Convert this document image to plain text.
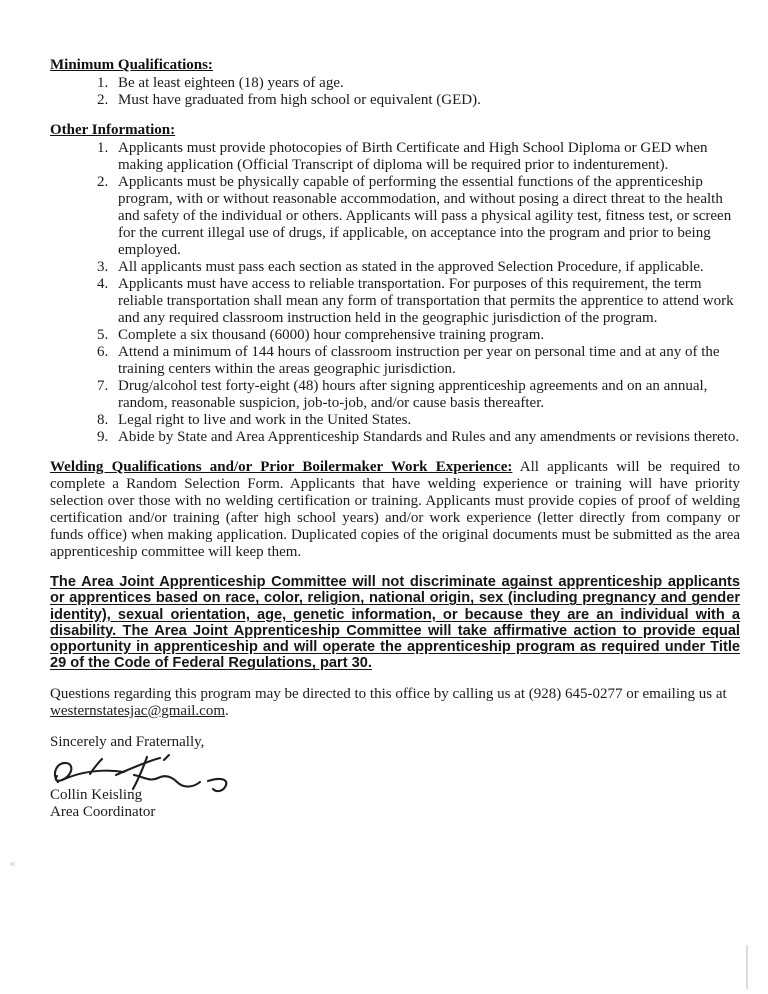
Minimum Qualifications:
1. Be at least eighteen (18) years of age.
2. Must have graduated from high school or equivalent (GED).
Other Information:
1. Applicants must provide photocopies of Birth Certificate and High School Diploma or GED when making application (Official Transcript of diploma will be required prior to indenturement).
2. Applicants must be physically capable of performing the essential functions of the apprenticeship program, with or without reasonable accommodation, and without posing a direct threat to the health and safety of the individual or others. Applicants will pass a physical agility test, fitness test, or screen for the current illegal use of drugs, if applicable, on acceptance into the program and prior to being employed.
3. All applicants must pass each section as stated in the approved Selection Procedure, if applicable.
4. Applicants must have access to reliable transportation. For purposes of this requirement, the term reliable transportation shall mean any form of transportation that permits the apprentice to attend work and any required classroom instruction held in the geographic jurisdiction of the program.
5. Complete a six thousand (6000) hour comprehensive training program.
6. Attend a minimum of 144 hours of classroom instruction per year on personal time and at any of the training centers within the areas geographic jurisdiction.
7. Drug/alcohol test forty-eight (48) hours after signing apprenticeship agreements and on an annual, random, reasonable suspicion, job-to-job, and/or cause basis thereafter.
8. Legal right to live and work in the United States.
9. Abide by State and Area Apprenticeship Standards and Rules and any amendments or revisions thereto.

Welding Qualifications and/or Prior Boilermaker Work Experience: All applicants will be required to complete a Random Selection Form. Applicants that have welding experience or training will have priority selection over those with no welding certification or training. Applicants must provide copies of proof of welding certification and/or training (after high school years) and/or work experience (letter directly from company or funds office) when making application. Duplicated copies of the original documents must be submitted as the area apprenticeship committee will keep them.

The Area Joint Apprenticeship Committee will not discriminate against apprenticeship applicants or apprentices based on race, color, religion, national origin, sex (including pregnancy and gender identity), sexual orientation, age, genetic information, or because they are an individual with a disability. The Area Joint Apprenticeship Committee will take affirmative action to provide equal opportunity in apprenticeship and will operate the apprenticeship program as required under Title 29 of the Code of Federal Regulations, part 30.

Questions regarding this program may be directed to this office by calling us at (928) 645-0277 or emailing us at westernstatesjac@gmail.com.

Sincerely and Fraternally,
Collin Keisling
Area Coordinator
